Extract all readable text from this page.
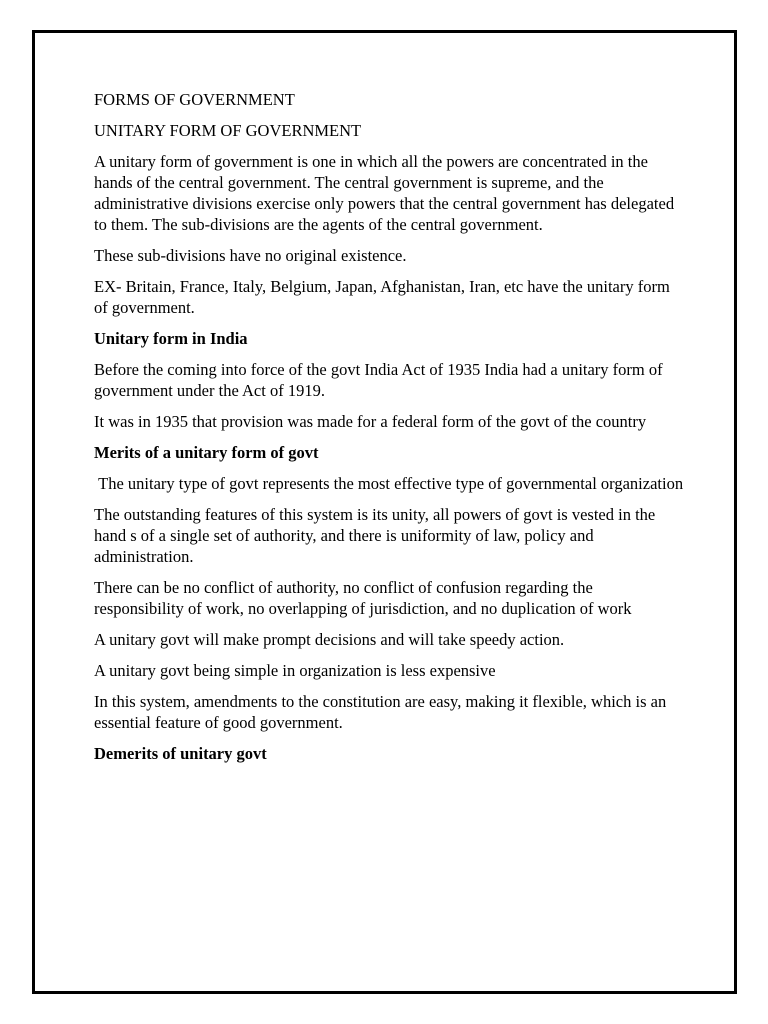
FORMS OF GOVERNMENT

UNITARY FORM OF GOVERNMENT

A unitary form of government is one in which all the powers are concentrated in the hands of the central government. The central government is supreme, and the administrative divisions exercise only powers that the central government has delegated to them. The sub-divisions are the agents of the central government.

These sub-divisions have no original existence.

EX- Britain, France, Italy, Belgium, Japan, Afghanistan, Iran, etc have the unitary form of government.

Unitary form in India

Before the coming into force of the govt India Act of 1935 India had a unitary form of government under the Act of 1919.

It was in 1935 that provision was made for a federal form of the govt of the country

Merits of a unitary form of govt

The unitary type of govt represents the most effective type of governmental organization

The outstanding features of this system is its unity, all powers of govt is vested in the hand s of a single set of authority, and there is uniformity of law, policy and administration.

There can be no conflict of authority, no conflict of confusion regarding the responsibility of work, no overlapping of jurisdiction, and no duplication of work

A unitary govt will make prompt decisions and will take speedy action.

A unitary govt being simple in organization is less expensive

In this system, amendments to the constitution are easy, making it flexible, which is an essential feature of good government.

Demerits of unitary govt
